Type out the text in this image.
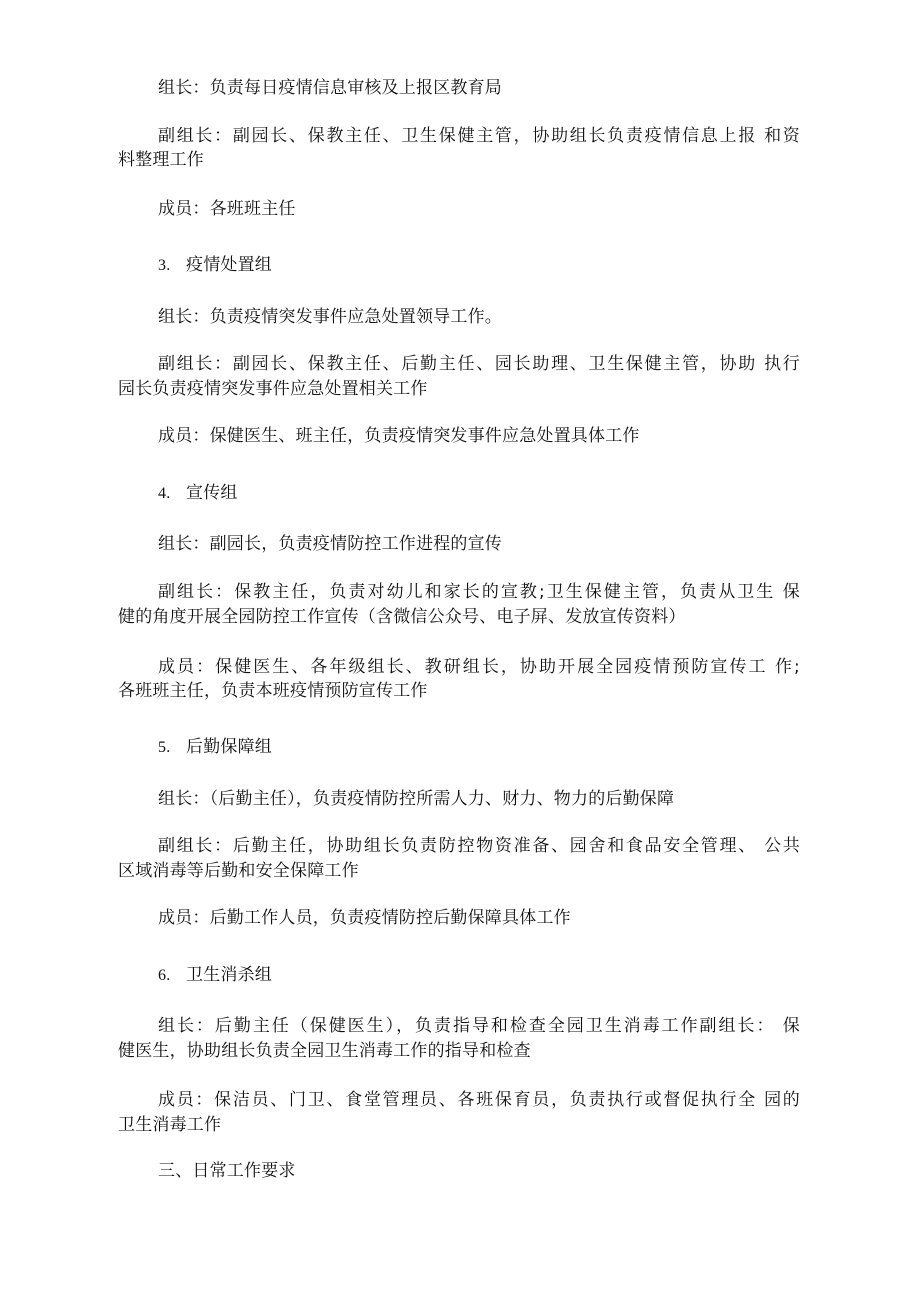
组长：负责每日疫情信息审核及上报区教育局
副组长：副园长、保教主任、卫生保健主管，协助组长负责疫情信息上报 和资
料整理工作
成员：各班班主任
3. 疫情处置组
组长：负责疫情突发事件应急处置领导工作。
副组长：副园长、保教主任、后勤主任、园长助理、卫生保健主管，协助 执行
园长负责疫情突发事件应急处置相关工作
成员：保健医生、班主任，负责疫情突发事件应急处置具体工作
4. 宣传组
组长：副园长，负责疫情防控工作进程的宣传
副组长：保教主任，负责对幼儿和家长的宣教;卫生保健主管，负责从卫生 保
健的角度开展全园防控工作宣传（含微信公众号、电子屏、发放宣传资料）
成员：保健医生、各年级组长、教研组长，协助开展全园疫情预防宣传工 作;
各班班主任，负责本班疫情预防宣传工作
5. 后勤保障组
组长：（后勤主任），负责疫情防控所需人力、财力、物力的后勤保障
副组长：后勤主任，协助组长负责防控物资准备、园舍和食品安全管理、 公共
区域消毒等后勤和安全保障工作
成员：后勤工作人员，负责疫情防控后勤保障具体工作
6. 卫生消杀组
组长：后勤主任（保健医生），负责指导和检查全园卫生消毒工作副组长： 保
健医生，协助组长负责全园卫生消毒工作的指导和检查
成员：保洁员、门卫、食堂管理员、各班保育员，负责执行或督促执行全 园的
卫生消毒工作
三、日常工作要求
